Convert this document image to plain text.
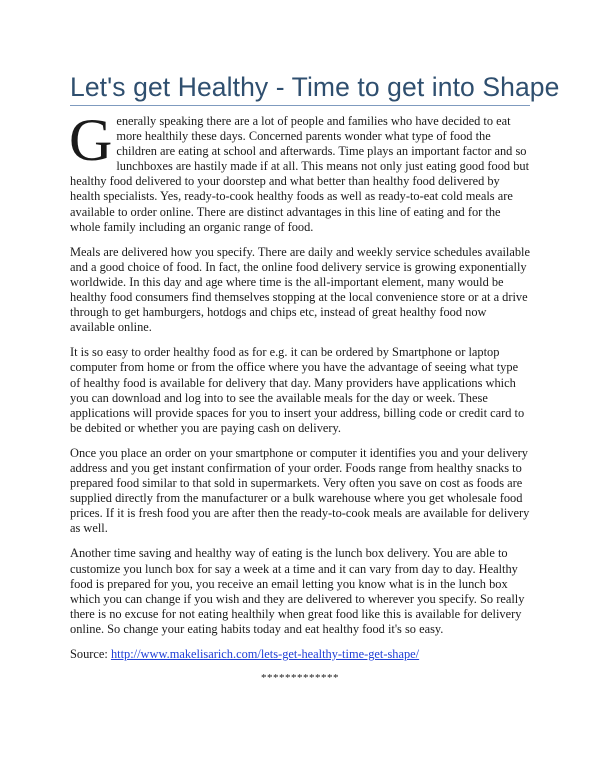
Let's get Healthy - Time to get into Shape

Generally speaking there are a lot of people and families who have decided to eat more healthily these days. Concerned parents wonder what type of food the children are eating at school and afterwards. Time plays an important factor and so lunchboxes are hastily made if at all. This means not only just eating good food but healthy food delivered to your doorstep and what better than healthy food delivered by health specialists. Yes, ready-to-cook healthy foods as well as ready-to-eat cold meals are available to order online. There are distinct advantages in this line of eating and for the whole family including an organic range of food.

Meals are delivered how you specify. There are daily and weekly service schedules available and a good choice of food. In fact, the online food delivery service is growing exponentially worldwide. In this day and age where time is the all-important element, many would be healthy food consumers find themselves stopping at the local convenience store or at a drive through to get hamburgers, hotdogs and chips etc, instead of great healthy food now available online.

It is so easy to order healthy food as for e.g. it can be ordered by Smartphone or laptop computer from home or from the office where you have the advantage of seeing what type of healthy food is available for delivery that day. Many providers have applications which you can download and log into to see the available meals for the day or week. These applications will provide spaces for you to insert your address, billing code or credit card to be debited or whether you are paying cash on delivery.

Once you place an order on your smartphone or computer it identifies you and your delivery address and you get instant confirmation of your order. Foods range from healthy snacks to prepared food similar to that sold in supermarkets. Very often you save on cost as foods are supplied directly from the manufacturer or a bulk warehouse where you get wholesale food prices. If it is fresh food you are after then the ready-to-cook meals are available for delivery as well.

Another time saving and healthy way of eating is the lunch box delivery. You are able to customize you lunch box for say a week at a time and it can vary from day to day. Healthy food is prepared for you, you receive an email letting you know what is in the lunch box which you can change if you wish and they are delivered to wherever you specify. So really there is no excuse for not eating healthily when great food like this is available for delivery online. So change your eating habits today and eat healthy food it's so easy.

Source: http://www.makelisarich.com/lets-get-healthy-time-get-shape/

*************
